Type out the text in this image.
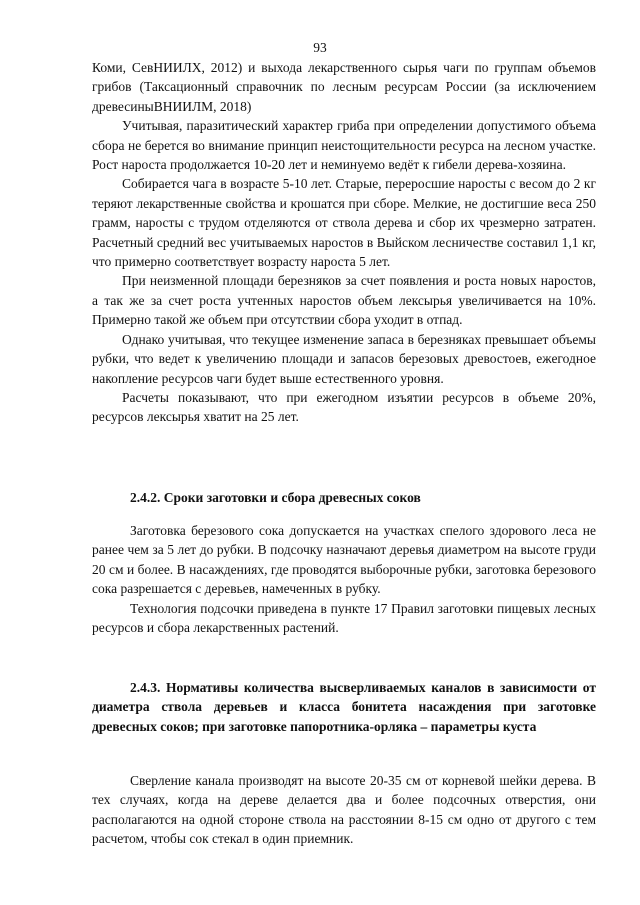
93

Коми, СевНИИЛХ, 2012) и выхода лекарственного сырья чаги по группам объемов грибов (Таксационный справочник по лесным ресурсам России (за исключением древесиныВНИИЛМ, 2018)

Учитывая, паразитический характер гриба при определении допустимого объема сбора не берется во внимание принцип неистощительности ресурса на лесном участке. Рост нароста продолжается 10-20 лет и неминуемо ведёт к гибели дерева-хозяина.

Собирается чага в возрасте 5-10 лет. Старые, переросшие наросты с весом до 2 кг теряют лекарственные свойства и крошатся при сборе. Мелкие, не достигшие веса 250 грамм, наросты с трудом отделяются от ствола дерева и сбор их чрезмерно затратен. Расчетный средний вес учитываемых наростов в Выйском лесничестве составил 1,1 кг, что примерно соответствует возрасту нароста 5 лет.

При неизменной площади березняков за счет появления и роста новых наростов, а так же за счет роста учтенных наростов объем лексырья увеличивается на 10%. Примерно такой же объем при отсутствии сбора уходит в отпад.

Однако учитывая, что текущее изменение запаса в березняках превышает объемы рубки, что ведет к увеличению площади и запасов березовых древостоев, ежегодное накопление ресурсов чаги будет выше естественного уровня.

Расчеты показывают, что при ежегодном изъятии ресурсов в объеме 20%, ресурсов лексырья хватит на 25 лет.

2.4.2. Сроки заготовки и сбора древесных соков

Заготовка березового сока допускается на участках спелого здорового леса не ранее чем за 5 лет до рубки. В подсочку назначают деревья диаметром на высоте груди 20 см и более. В насаждениях, где проводятся выборочные рубки, заготовка березового сока разрешается с деревьев, намеченных в рубку.

Технология подсочки приведена в пункте 17 Правил заготовки пищевых лесных ресурсов и сбора лекарственных растений.

2.4.3. Нормативы количества высверливаемых каналов в зависимости от диаметра ствола деревьев и класса бонитета насаждения при заготовке древесных соков; при заготовке папоротника-орляка – параметры куста

Сверление канала производят на высоте 20-35 см от корневой шейки дерева. В тех случаях, когда на дереве делается два и более подсочных отверстия, они располагаются на одной стороне ствола на расстоянии 8-15 см одно от другого с тем расчетом, чтобы сок стекал в один приемник.
